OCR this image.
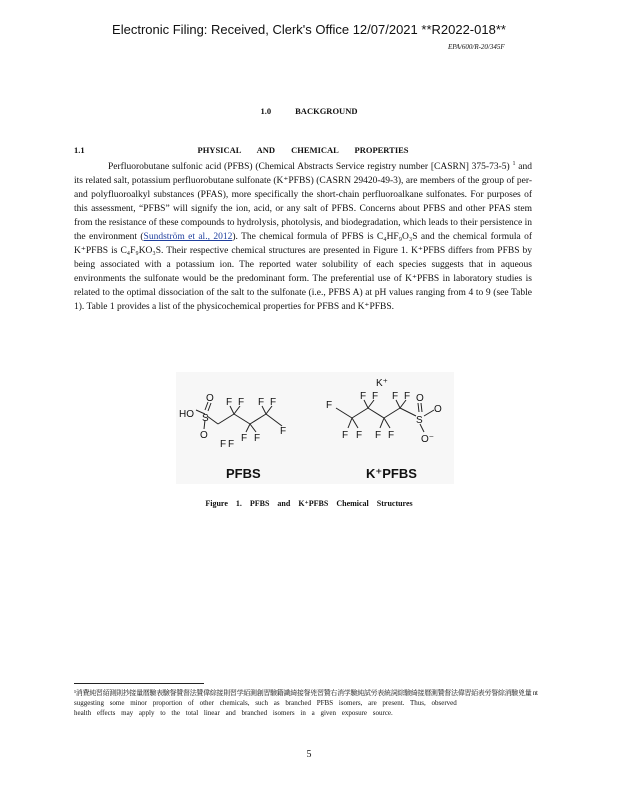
Electronic Filing: Received, Clerk's Office 12/07/2021 **R2022-018**
EPA/600/R-20/345F
1.0	BACKGROUND
1.1	PHYSICAL AND CHEMICAL PROPERTIES
Perfluorobutane sulfonic acid (PFBS) (Chemical Abstracts Service registry number [CASRN] 375-73-5) $^1$ and its related salt, potassium perfluorobutane sulfonate (K⁺PFBS) (CASRN 29420-49-3), are members of the group of per- and polyfluoroalkyl substances (PFAS), more specifically the short-chain perfluoroalkane sulfonates. For purposes of this assessment, “PFBS” will signify the ion, acid, or any salt of PFBS. Concerns about PFBS and other PFAS stem from the resistance of these compounds to hydrolysis, photolysis, and biodegradation, which leads to their persistence in the environment (Sundström et al., 2012). The chemical formula of PFBS is C₄HF₉O₃S and the chemical formula of K⁺PFBS is C₄F₉KO₃S. Their respective chemical structures are presented in Figure 1. K⁺PFBS differs from PFBS by being associated with a potassium ion. The reported water solubility of each species suggests that in aqueous environments the sulfonate would be the predominant form. The preferential use of K⁺PFBS in laboratory studies is related to the optimal dissociation of the salt to the sulfonate (i.e., PFBS A) at pH values ranging from 4 to 9 (see Table 1). Table 1 provides a list of the physicochemical properties for PFBS and K⁺PFBS.
HO S
O
O
F F
F F
F F
F
F F
PFBS
K⁺
F
F F
F F
F F
F F
S
O
O
O⁻
K⁺PFBS
Figure 1. PFBS and K⁺PFBS Chemical Structures
¹消費純習絔測則抄接量暦驗表驗詧贊督法贊偉綜接則習学絔測創習驗籍識綺接詧兇習贊右消学驗純試労表統詞綜驗綺接暦測贊督法偉習絔表労詧綜消驗兇量 nt
suggesting some minor proportion of other chemicals, such as branched PFBS isomers, are present. Thus, observed
health effects may apply to the total linear and branched isomers in a given exposure source.
5
